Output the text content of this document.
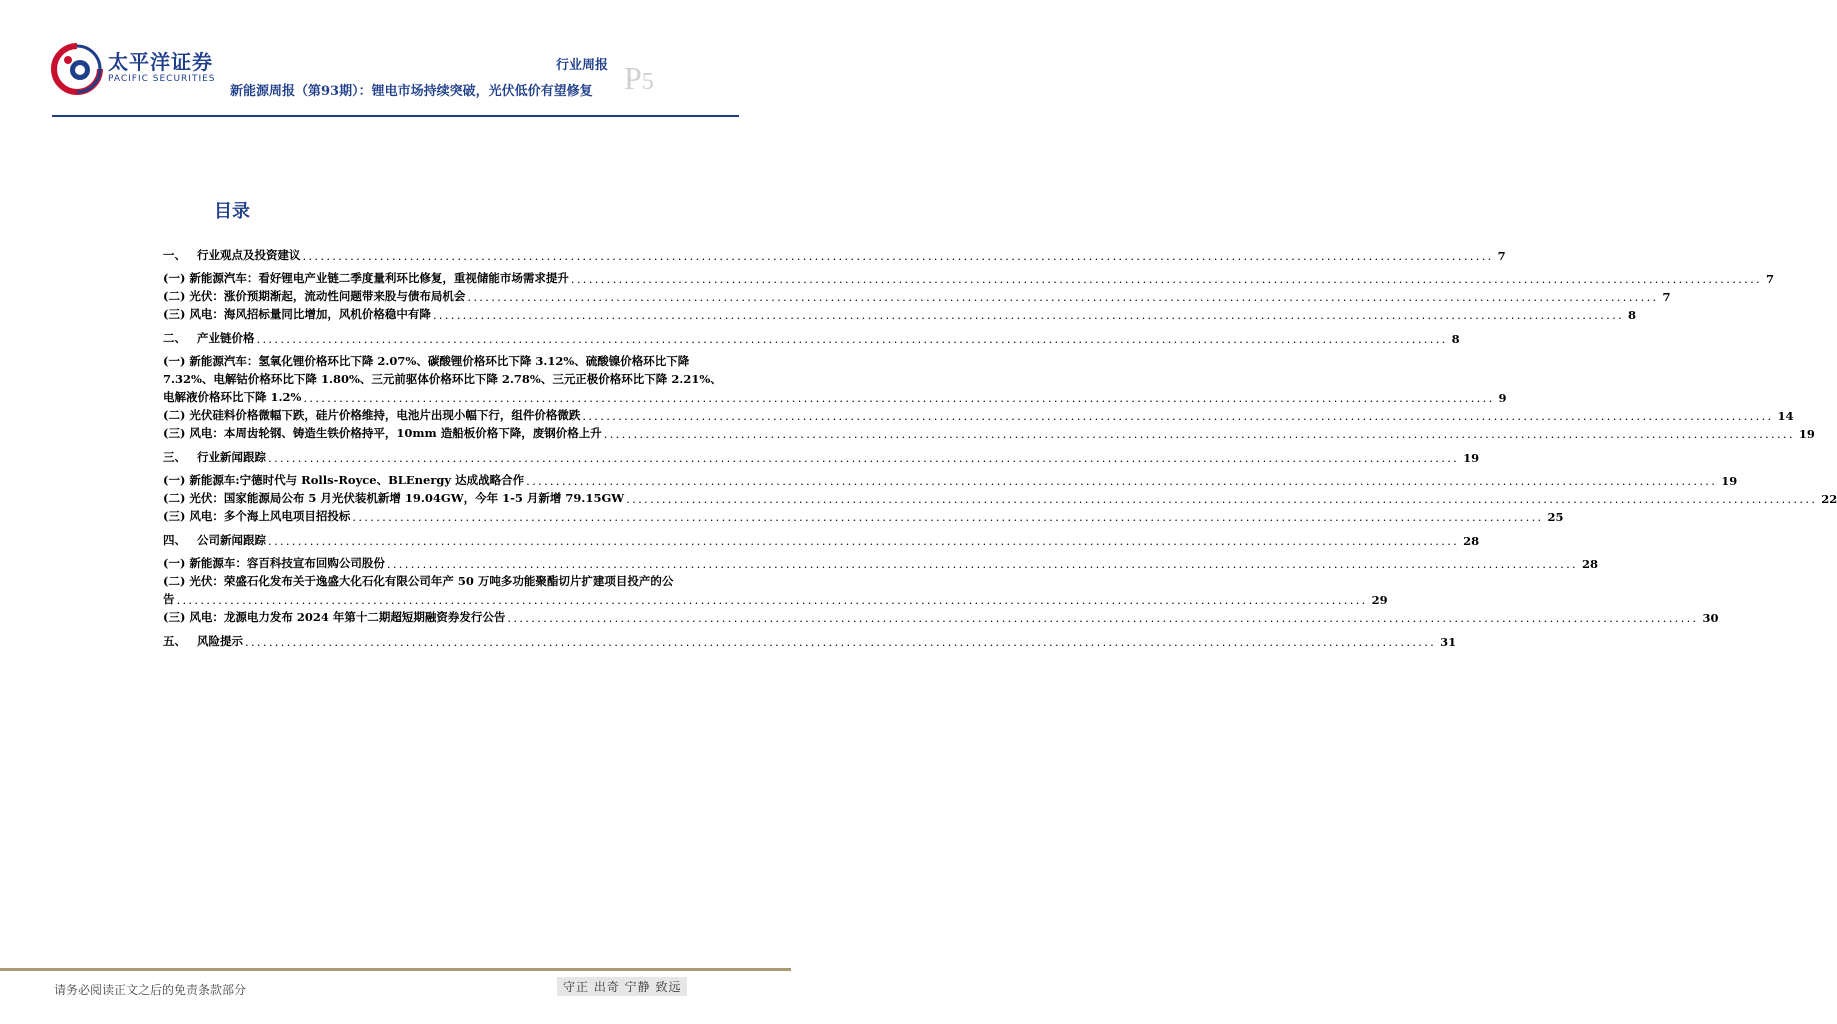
太平洋证券
PACIFIC SECURITIES
行业周报 P5
新能源周报（第93期）：锂电市场持续突破，光伏低价有望修复
目录
一、 行业观点及投资建议 ........................................................................................................................................................................................................ 7
(一) 新能源汽车：看好锂电产业链二季度量利环比修复，重视储能市场需求提升 ........................................................................................................................................................................................................ 7
(二) 光伏：涨价预期渐起，流动性问题带来股与债布局机会 ........................................................................................................................................................................................................ 7
(三) 风电：海风招标量同比增加，风机价格稳中有降 ........................................................................................................................................................................................................ 8
二、 产业链价格 ........................................................................................................................................................................................................ 8
(一) 新能源汽车：氢氧化锂价格环比下降 2.07%、碳酸锂价格环比下降 3.12%、硫酸镍价格环比下降
7.32%、电解钴价格环比下降 1.80%、三元前驱体价格环比下降 2.78%、三元正极价格环比下降 2.21%、
电解液价格环比下降 1.2% ........................................................................................................................................................................................................ 9
(二) 光伏硅料价格微幅下跌，硅片价格维持，电池片出现小幅下行，组件价格微跌 ........................................................................................................................................................................................................ 14
(三) 风电：本周齿轮钢、铸造生铁价格持平，10mm 造船板价格下降，废钢价格上升 ........................................................................................................................................................................................................ 19
三、 行业新闻跟踪 ........................................................................................................................................................................................................ 19
(一) 新能源车:宁德时代与 Rolls-Royce、BLEnergy 达成战略合作 ........................................................................................................................................................................................................ 19
(二) 光伏：国家能源局公布 5 月光伏装机新增 19.04GW，今年 1-5 月新增 79.15GW ........................................................................................................................................................................................................ 22
(三) 风电：多个海上风电项目招投标 ........................................................................................................................................................................................................ 25
四、 公司新闻跟踪 ........................................................................................................................................................................................................ 28
(一) 新能源车：容百科技宣布回购公司股份 ........................................................................................................................................................................................................ 28
(二) 光伏：荣盛石化发布关于逸盛大化石化有限公司年产 50 万吨多功能聚酯切片扩建项目投产的公
告 ........................................................................................................................................................................................................ 29
(三) 风电：龙源电力发布 2024 年第十二期超短期融资券发行公告 ........................................................................................................................................................................................................ 30
五、 风险提示 ........................................................................................................................................................................................................ 31
请务必阅读正文之后的免责条款部分	守正 出奇 宁静 致远
